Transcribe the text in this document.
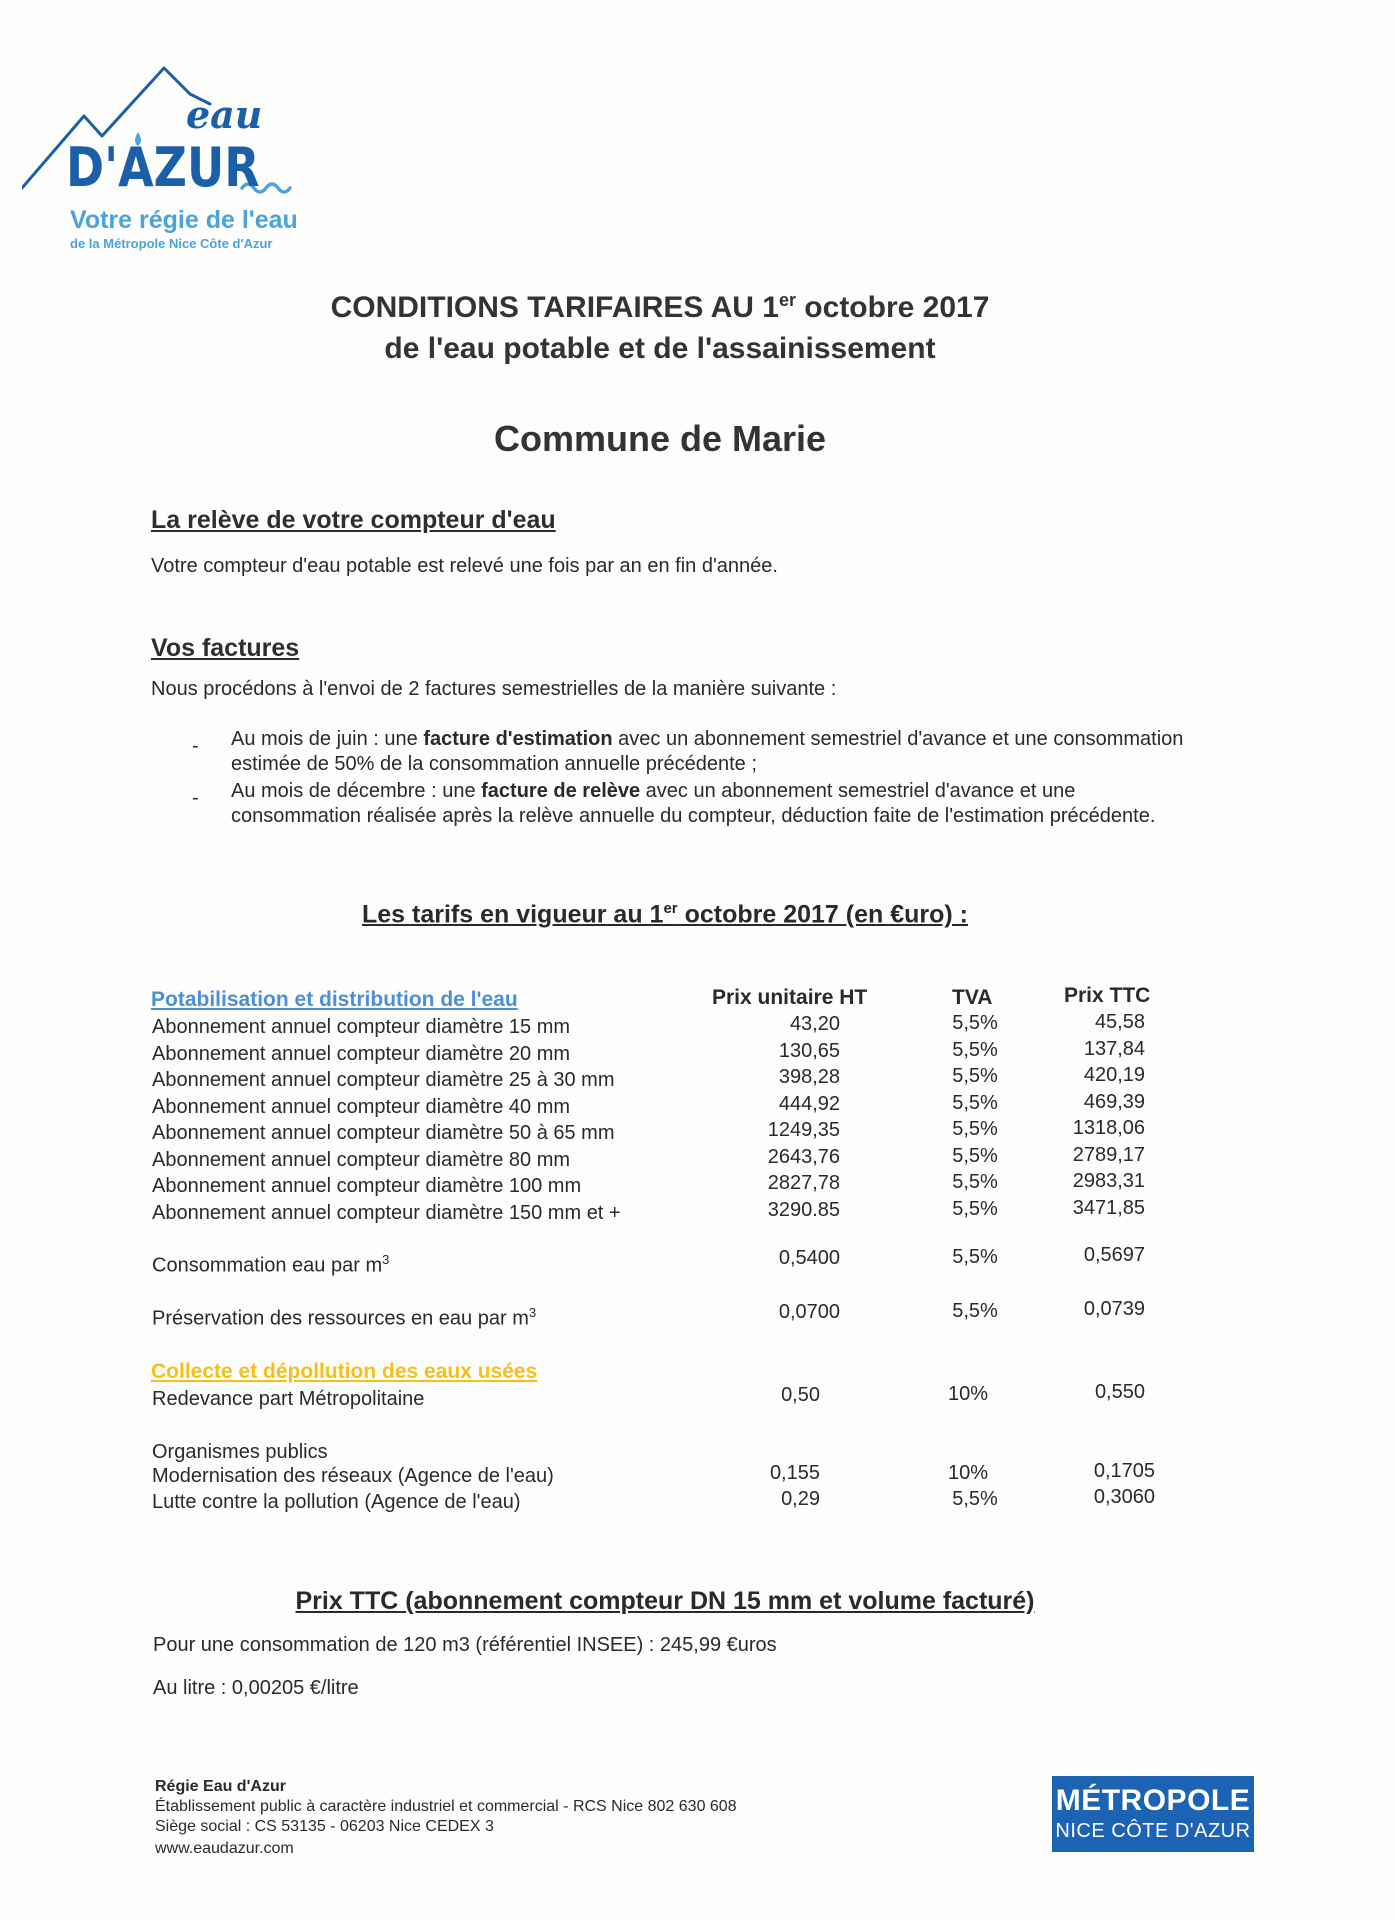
eau
D'AZUR
Votre régie de l'eau
de la Métropole Nice Côte d'Azur
CONDITIONS TARIFAIRES AU 1er octobre 2017
de l'eau potable et de l'assainissement
Commune de Marie
La relève de votre compteur d'eau
Votre compteur d'eau potable est relevé une fois par an en fin d'année.
Vos factures
Nous procédons à l'envoi de 2 factures semestrielles de la manière suivante :
- Au mois de juin : une facture d'estimation avec un abonnement semestriel d'avance et une consommation estimée de 50% de la consommation annuelle précédente ;
- Au mois de décembre : une facture de relève avec un abonnement semestriel d'avance et une consommation réalisée après la relève annuelle du compteur, déduction faite de l'estimation précédente.
Les tarifs en vigueur au 1er octobre 2017 (en €uro) :
Potabilisation et distribution de l'eau	Prix unitaire HT	TVA	Prix TTC
Abonnement annuel compteur diamètre 15 mm	43,20	5,5%	45,58
Abonnement annuel compteur diamètre 20 mm	130,65	5,5%	137,84
Abonnement annuel compteur diamètre 25 à 30 mm	398,28	5,5%	420,19
Abonnement annuel compteur diamètre 40 mm	444,92	5,5%	469,39
Abonnement annuel compteur diamètre 50 à 65 mm	1249,35	5,5%	1318,06
Abonnement annuel compteur diamètre 80 mm	2643,76	5,5%	2789,17
Abonnement annuel compteur diamètre 100 mm	2827,78	5,5%	2983,31
Abonnement annuel compteur diamètre 150 mm et +	3290.85	5,5%	3471,85
Consommation eau par $m^3$	0,5400	5,5%	0,5697
Préservation des ressources en eau par $m^3$	0,0700	5,5%	0,0739
Collecte et dépollution des eaux usées
Redevance part Métropolitaine	0,50	10%	0,550
Organismes publics
Modernisation des réseaux (Agence de l'eau)	0,155	10%	0,1705
Lutte contre la pollution (Agence de l'eau)	0,29	5,5%	0,3060
Prix TTC (abonnement compteur DN 15 mm et volume facturé)
Pour une consommation de 120 m3 (référentiel INSEE) : 245,99 €uros
Au litre : 0,00205 €/litre
Régie Eau d'Azur
Établissement public à caractère industriel et commercial - RCS Nice 802 630 608
Siège social : CS 53135 - 06203 Nice CEDEX 3
www.eaudazur.com
MÉTROPOLE
NICE CÔTE D'AZUR
